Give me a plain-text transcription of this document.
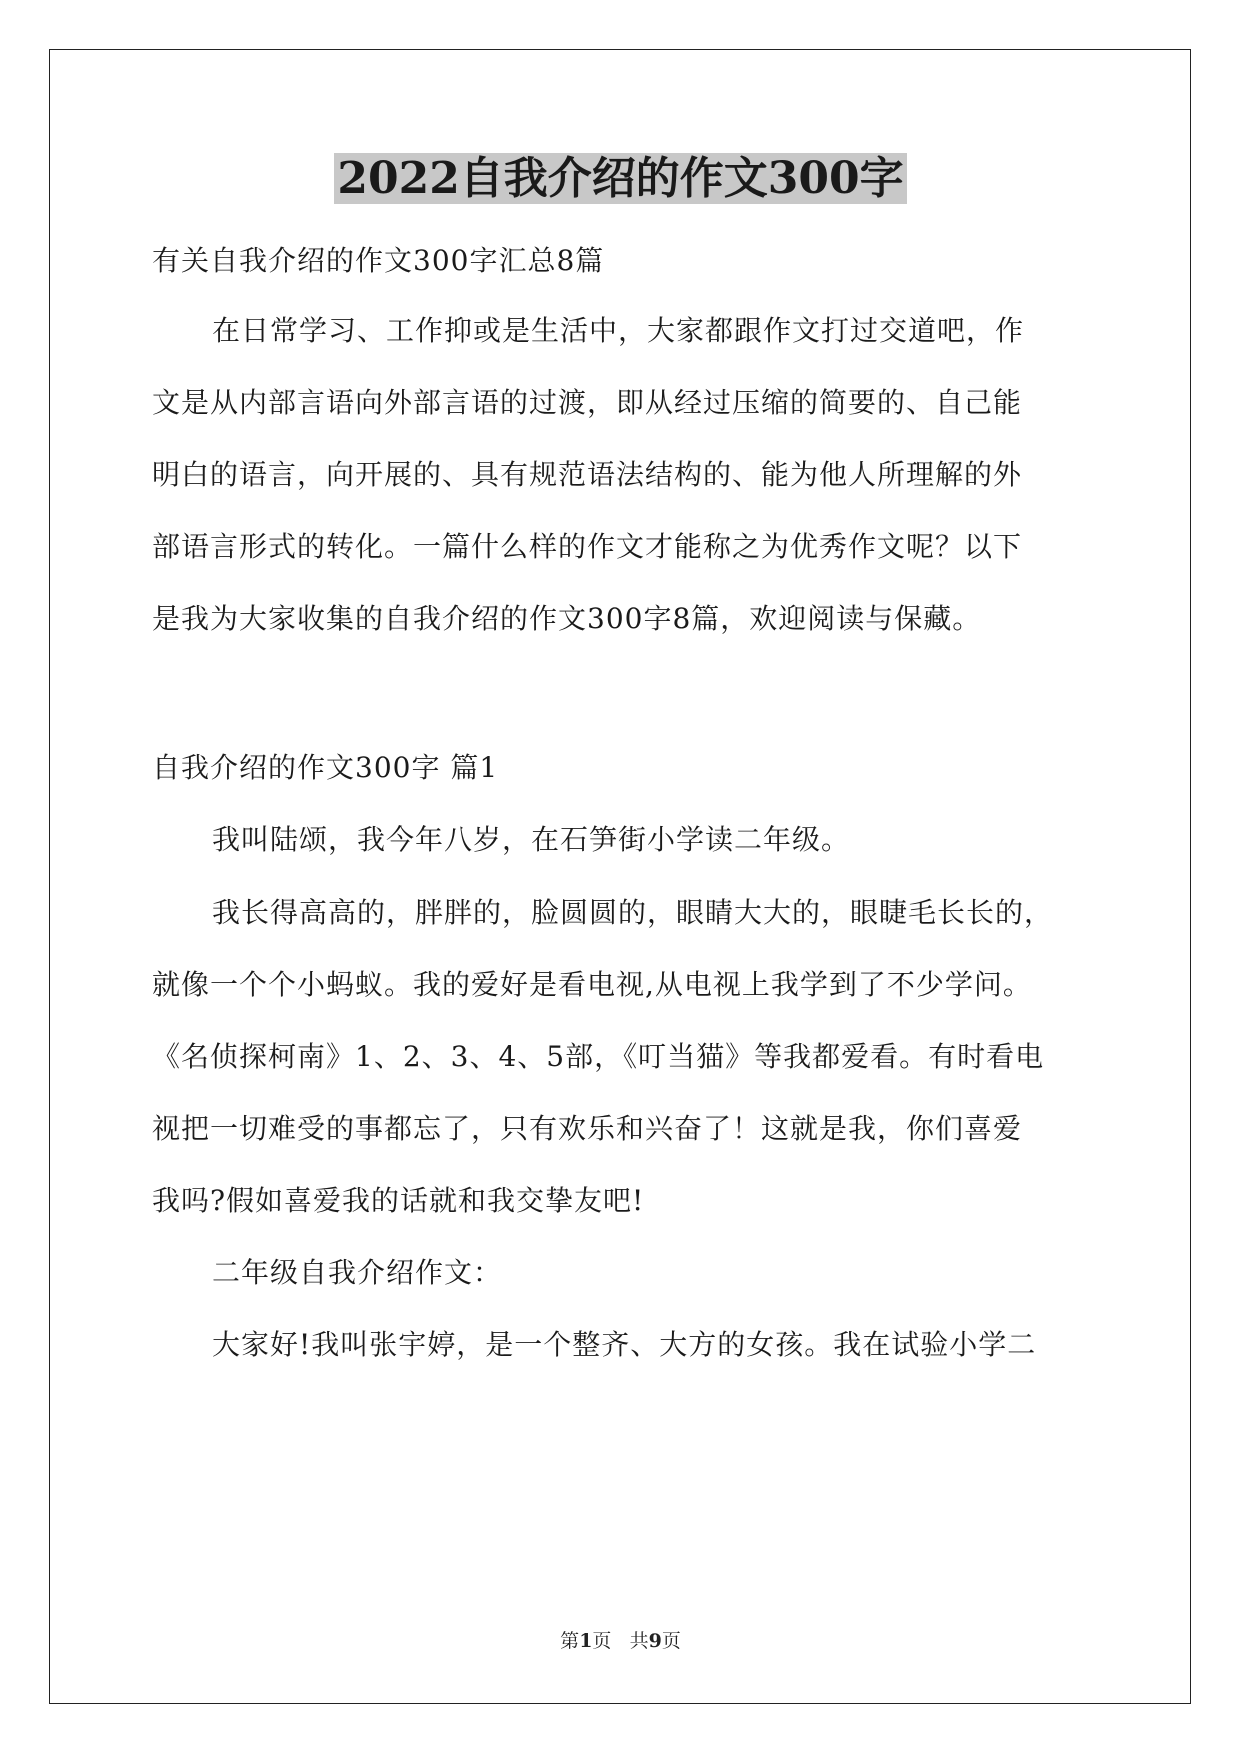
2022自我介绍的作文300字
有关自我介绍的作文300字汇总8篇
在日常学习、工作抑或是生活中，大家都跟作文打过交道吧，作
文是从内部言语向外部言语的过渡，即从经过压缩的简要的、自己能
明白的语言，向开展的、具有规范语法结构的、能为他人所理解的外
部语言形式的转化。一篇什么样的作文才能称之为优秀作文呢？以下
是我为大家收集的自我介绍的作文300字8篇，欢迎阅读与保藏。
自我介绍的作文300字 篇1
我叫陆颂，我今年八岁，在石笋街小学读二年级。
我长得高高的，胖胖的，脸圆圆的，眼睛大大的，眼睫毛长长的，
就像一个个小蚂蚁。我的爱好是看电视,从电视上我学到了不少学问。
《名侦探柯南》1、2、3、4、5部，《叮当猫》等我都爱看。有时看电
视把一切难受的事都忘了，只有欢乐和兴奋了！这就是我，你们喜爱
我吗?假如喜爱我的话就和我交挚友吧!
二年级自我介绍作文：
大家好!我叫张宇婷，是一个整齐、大方的女孩。我在试验小学二
第1页 共9页
